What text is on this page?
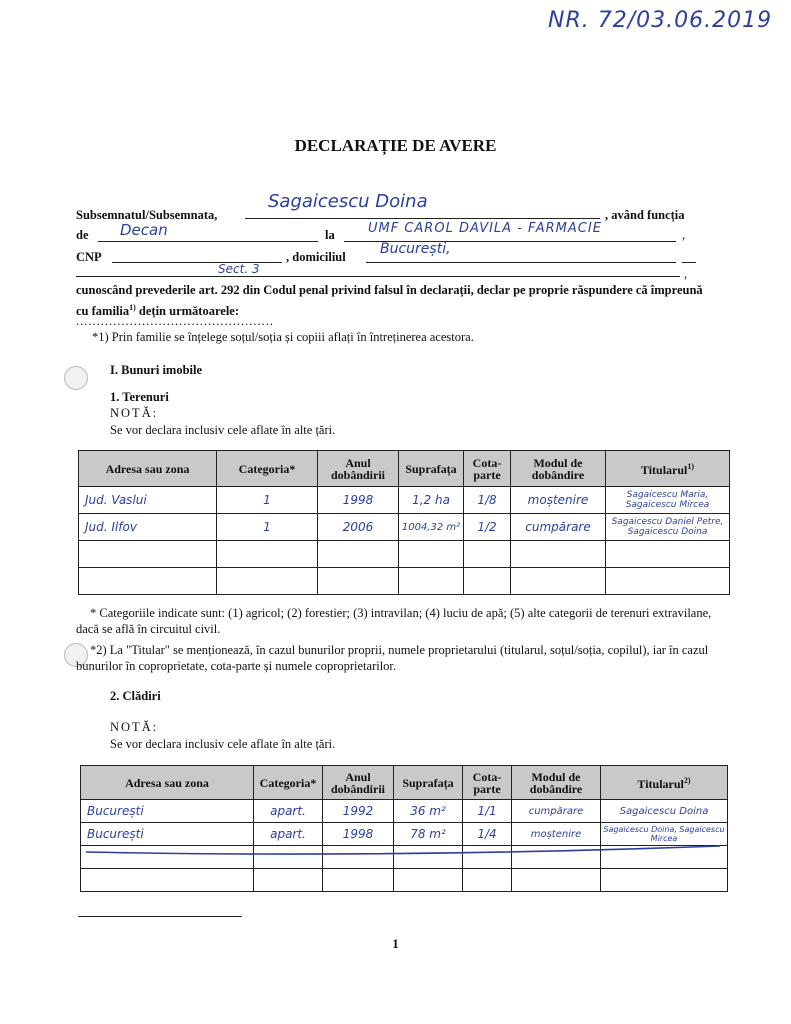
NR. 72/03.06.2019
DECLARAȚIE DE AVERE
Subsemnatul/Subsemnata,
Sagaicescu Doina
, având funcția
de Decan	la	UMF CAROL DAVILA - FARMACIE	,
CNP	, domiciliul București,
Sect. 3	,
cunoscând prevederile art. 292 din Codul penal privind falsul în declarații, declar pe proprie răspundere că împreună cu familia$^{1)}$ dețin următoarele:
................................................
*1) Prin familie se înțelege soțul/soția și copiii aflați în întreținerea acestora.
I. Bunuri imobile
1. Terenuri
NOTĂ:
Se vor declara inclusiv cele aflate în alte țări.
Adresa sau zona	Categoria*	Anul dobândirii	Suprafața	Cota-parte	Modul de dobândire	Titularul$^{1)}$
Jud. Vaslui	1	1998	1,2 ha	1/8	moștenire	Sagaicescu Maria, Sagaicescu Mircea
Jud. Ilfov	1	2006	1004,32 m²	1/2	cumpărare	Sagaicescu Daniel Petre, Sagaicescu Doina

* Categoriile indicate sunt: (1) agricol; (2) forestier; (3) intravilan; (4) luciu de apă; (5) alte categorii de terenuri extravilane, dacă se află în circuitul civil.
*2) La "Titular" se menționează, în cazul bunurilor proprii, numele proprietarului (titularul, soțul/soția, copilul), iar în cazul bunurilor în coproprietate, cota-parte și numele coproprietarilor.
2. Clădiri
NOTĂ:
Se vor declara inclusiv cele aflate în alte țări.
Adresa sau zona	Categoria*	Anul dobândirii	Suprafața	Cota-parte	Modul de dobândire	Titularul$^{2)}$
București	apart.	1992	36 m²	1/1	cumpărare	Sagaicescu Doina
București	apart.	1998	78 m²	1/4	moștenire	Sagaicescu Doina, Sagaicescu Mircea

1
